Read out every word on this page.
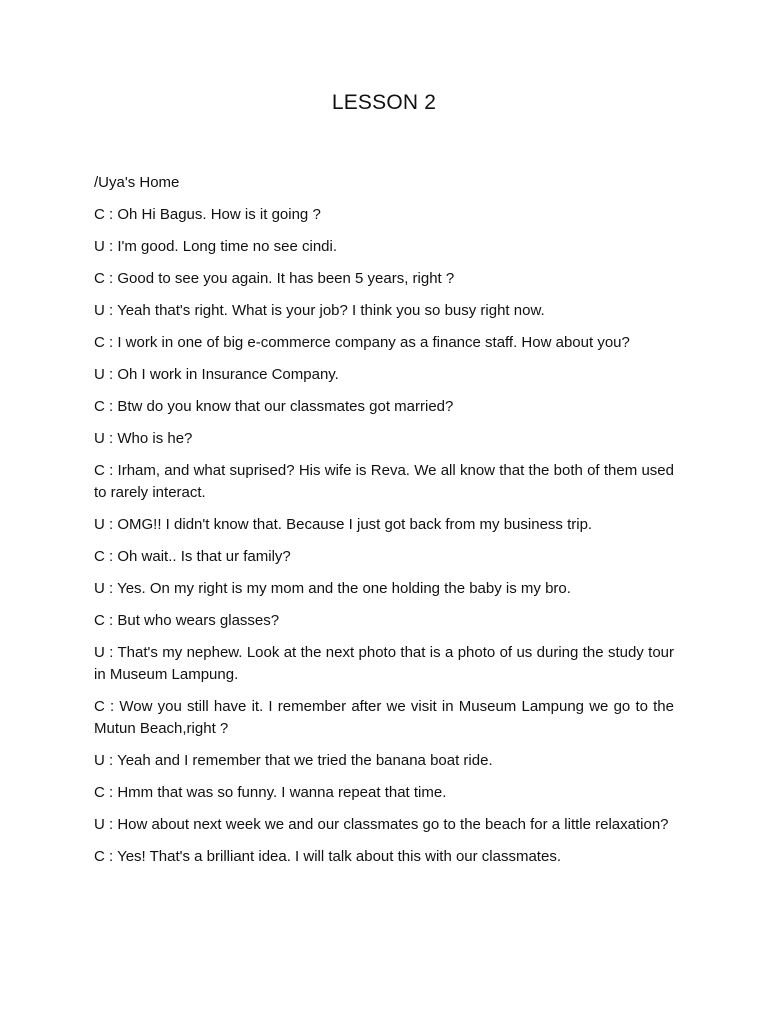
LESSON 2

/Uya's Home

C : Oh Hi Bagus. How is it going ?

U : I'm good. Long time no see cindi.

C : Good to see you again. It has been 5 years, right ?

U : Yeah that's right. What is your job? I think you so busy right now.

C : I work in one of big e-commerce company as a finance staff. How about you?

U : Oh I work in Insurance Company.

C : Btw do you know that our classmates got married?

U : Who is he?

C : Irham, and what suprised? His wife is Reva. We all know that the both of them used to rarely interact.

U : OMG!! I didn't know that. Because I just got back from my business trip.

C : Oh wait.. Is that ur family?

U : Yes. On my right is my mom and the one holding the baby is my bro.

C : But who wears glasses?

U : That's my nephew. Look at the next photo that is a photo of us during the study tour in Museum Lampung.

C : Wow you still have it. I remember after we visit in Museum Lampung we go to the Mutun Beach,right ?

U : Yeah and I remember that we tried the banana boat ride.

C : Hmm that was so funny. I wanna repeat that time.

U : How about next week we and our classmates go to the beach for a little relaxation?

C : Yes! That's a brilliant idea. I will talk about this with our classmates.
